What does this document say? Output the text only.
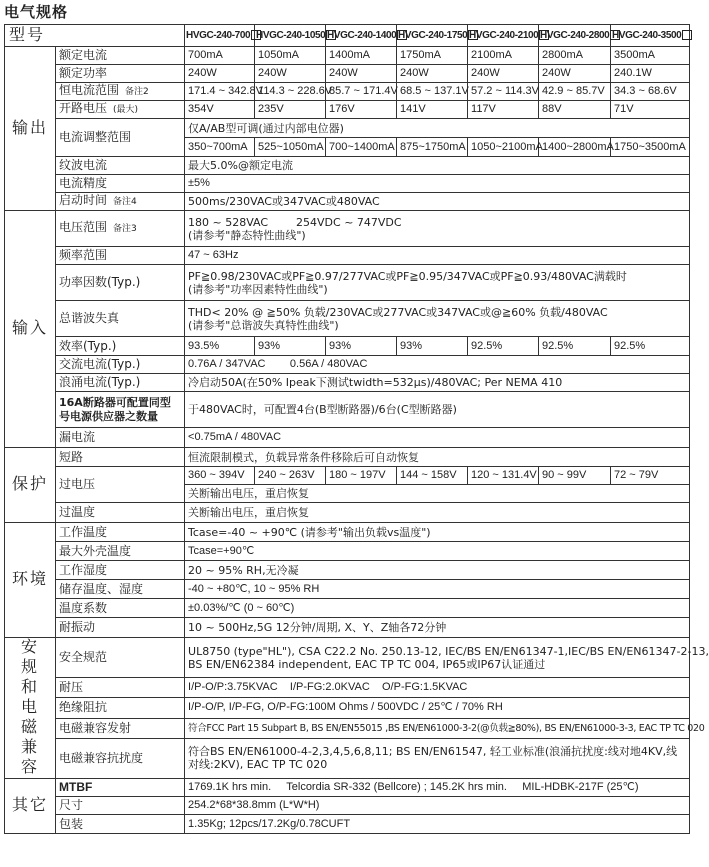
电气规格
型号		HVGC-240-700	HVGC-240-1050	HVGC-240-1400	HVGC-240-1750	HVGC-240-2100	HVGC-240-2800	HVGC-240-3500
输出	额定电流	700mA	1050mA	1400mA	1750mA	2100mA	2800mA	3500mA
	额定功率	240W	240W	240W	240W	240W	240W	240.1W
	恒电流范围 备注2	171.4 ~ 342.8V	114.3 ~ 228.6V	85.7 ~ 171.4V	68.5 ~ 137.1V	57.2 ~ 114.3V	42.9 ~ 85.7V	34.3 ~ 68.6V
	开路电压 (最大)	354V	235V	176V	141V	117V	88V	71V
	电流调整范围	仅A/AB型可调(通过内部电位器)						
		350~700mA	525~1050mA	700~1400mA	875~1750mA	1050~2100mA	1400~2800mA	1750~3500mA
	纹波电流	最大5.0%@额定电流						
	电流精度	±5%						
	启动时间 备注4	500ms/230VAC或347VAC或480VAC						
输入	电压范围 备注3	180 ~ 528VAC        254VDC ~ 747VDC
(请参考"静态特性曲线")						

	频率范围	47 ~ 63Hz						
	功率因数(Typ.)	PF≧0.98/230VAC或PF≧0.97/277VAC或PF≧0.95/347VAC或PF≧0.93/480VAC满载时
(请参考"功率因素特性曲线")						

	总谐波失真	THD< 20% @ ≧50% 负载/230VAC或277VAC或347VAC或@≧60% 负载/480VAC
(请参考"总谐波失真特性曲线")						

	效率(Typ.)	93.5%	93%	93%	93%	92.5%	92.5%	92.5%
	交流电流(Typ.)	0.76A / 347VAC        0.56A / 480VAC						
	浪涌电流(Typ.)	冷启动50A(在50% Ipeak下测试twidth=532μs)/480VAC; Per NEMA 410						
	16A断路器可配置同型号电源供应器之数量	于480VAC时，可配置4台(B型断路器)/6台(C型断路器)						
	漏电流	<0.75mA / 480VAC						
保护	短路	恒流限制模式，负载异常条件移除后可自动恢复						
	过电压	360 ~ 394V	240 ~ 263V	180 ~ 197V	144 ~ 158V	120 ~ 131.4V	90 ~ 99V	72 ~ 79V
		关断输出电压，重启恢复						
	过温度	关断输出电压，重启恢复						
环境	工作温度	Tcase=-40 ~ +90℃ (请参考"输出负载vs温度")						
	最大外壳温度	Tcase=+90℃						
	工作湿度	20 ~ 95% RH,无冷凝						
	储存温度、湿度	-40 ~ +80℃, 10 ~ 95% RH						
	温度系数	±0.03%/℃ (0 ~ 60℃)						
	耐振动	10 ~ 500Hz,5G 12分钟/周期, X、Y、Z轴各72分钟						

安规和电磁兼容	安全规范	UL8750 (type"HL"), CSA C22.2 No. 250.13-12, IEC/BS EN/EN61347-1,IEC/BS EN/EN61347-2-13,
BS EN/EN62384 independent, EAC TP TC 004, IP65或IP67认证通过						

	耐压	I/P-O/P:3.75KVAC    I/P-FG:2.0KVAC    O/P-FG:1.5KVAC						
	绝缘阻抗	I/P-O/P, I/P-FG, O/P-FG:100M Ohms / 500VDC / 25℃ / 70% RH						
	电磁兼容发射	符合FCC Part 15 Subpart B, BS EN/EN55015 ,BS EN/EN61000-3-2(@负载≧80%), BS EN/EN61000-3-3, EAC TP TC 020						
	电磁兼容抗扰度	符合BS EN/EN61000-4-2,3,4,5,6,8,11; BS EN/EN61547, 轻工业标准(浪涌抗扰度:线对地4KV,线
对线:2KV), EAC TP TC 020						

其它	MTBF	1769.1K hrs min.     Telcordia SR-332 (Bellcore) ; 145.2K hrs min.     MIL-HDBK-217F (25℃)						
	尺寸	254.2*68*38.8mm (L*W*H)						
	包装	1.35Kg; 12pcs/17.2Kg/0.78CUFT						
